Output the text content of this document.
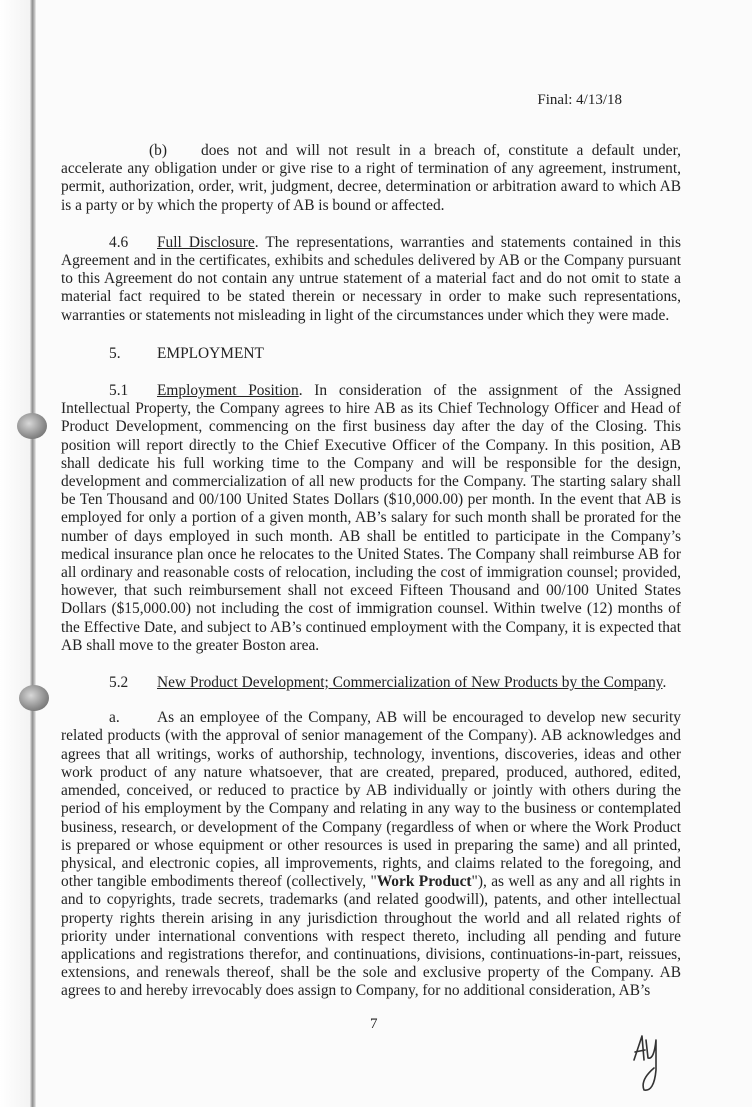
Final: 4/13/18

(b) does not and will not result in a breach of, constitute a default under, accelerate any obligation under or give rise to a right of termination of any agreement, instrument, permit, authorization, order, writ, judgment, decree, determination or arbitration award to which AB is a party or by which the property of AB is bound or affected.

4.6 Full Disclosure. The representations, warranties and statements contained in this Agreement and in the certificates, exhibits and schedules delivered by AB or the Company pursuant to this Agreement do not contain any untrue statement of a material fact and do not omit to state a material fact required to be stated therein or necessary in order to make such representations, warranties or statements not misleading in light of the circumstances under which they were made.

5. EMPLOYMENT

5.1 Employment Position. In consideration of the assignment of the Assigned Intellectual Property, the Company agrees to hire AB as its Chief Technology Officer and Head of Product Development, commencing on the first business day after the day of the Closing. This position will report directly to the Chief Executive Officer of the Company. In this position, AB shall dedicate his full working time to the Company and will be responsible for the design, development and commercialization of all new products for the Company. The starting salary shall be Ten Thousand and 00/100 United States Dollars ($10,000.00) per month. In the event that AB is employed for only a portion of a given month, AB’s salary for such month shall be prorated for the number of days employed in such month. AB shall be entitled to participate in the Company’s medical insurance plan once he relocates to the United States. The Company shall reimburse AB for all ordinary and reasonable costs of relocation, including the cost of immigration counsel; provided, however, that such reimbursement shall not exceed Fifteen Thousand and 00/100 United States Dollars ($15,000.00) not including the cost of immigration counsel. Within twelve (12) months of the Effective Date, and subject to AB’s continued employment with the Company, it is expected that AB shall move to the greater Boston area.

5.2 New Product Development; Commercialization of New Products by the Company.

a. As an employee of the Company, AB will be encouraged to develop new security related products (with the approval of senior management of the Company). AB acknowledges and agrees that all writings, works of authorship, technology, inventions, discoveries, ideas and other work product of any nature whatsoever, that are created, prepared, produced, authored, edited, amended, conceived, or reduced to practice by AB individually or jointly with others during the period of his employment by the Company and relating in any way to the business or contemplated business, research, or development of the Company (regardless of when or where the Work Product is prepared or whose equipment or other resources is used in preparing the same) and all printed, physical, and electronic copies, all improvements, rights, and claims related to the foregoing, and other tangible embodiments thereof (collectively, "Work Product"), as well as any and all rights in and to copyrights, trade secrets, trademarks (and related goodwill), patents, and other intellectual property rights therein arising in any jurisdiction throughout the world and all related rights of priority under international conventions with respect thereto, including all pending and future applications and registrations therefor, and continuations, divisions, continuations-in-part, reissues, extensions, and renewals thereof, shall be the sole and exclusive property of the Company. AB agrees to and hereby irrevocably does assign to Company, for no additional consideration, AB’s

7
